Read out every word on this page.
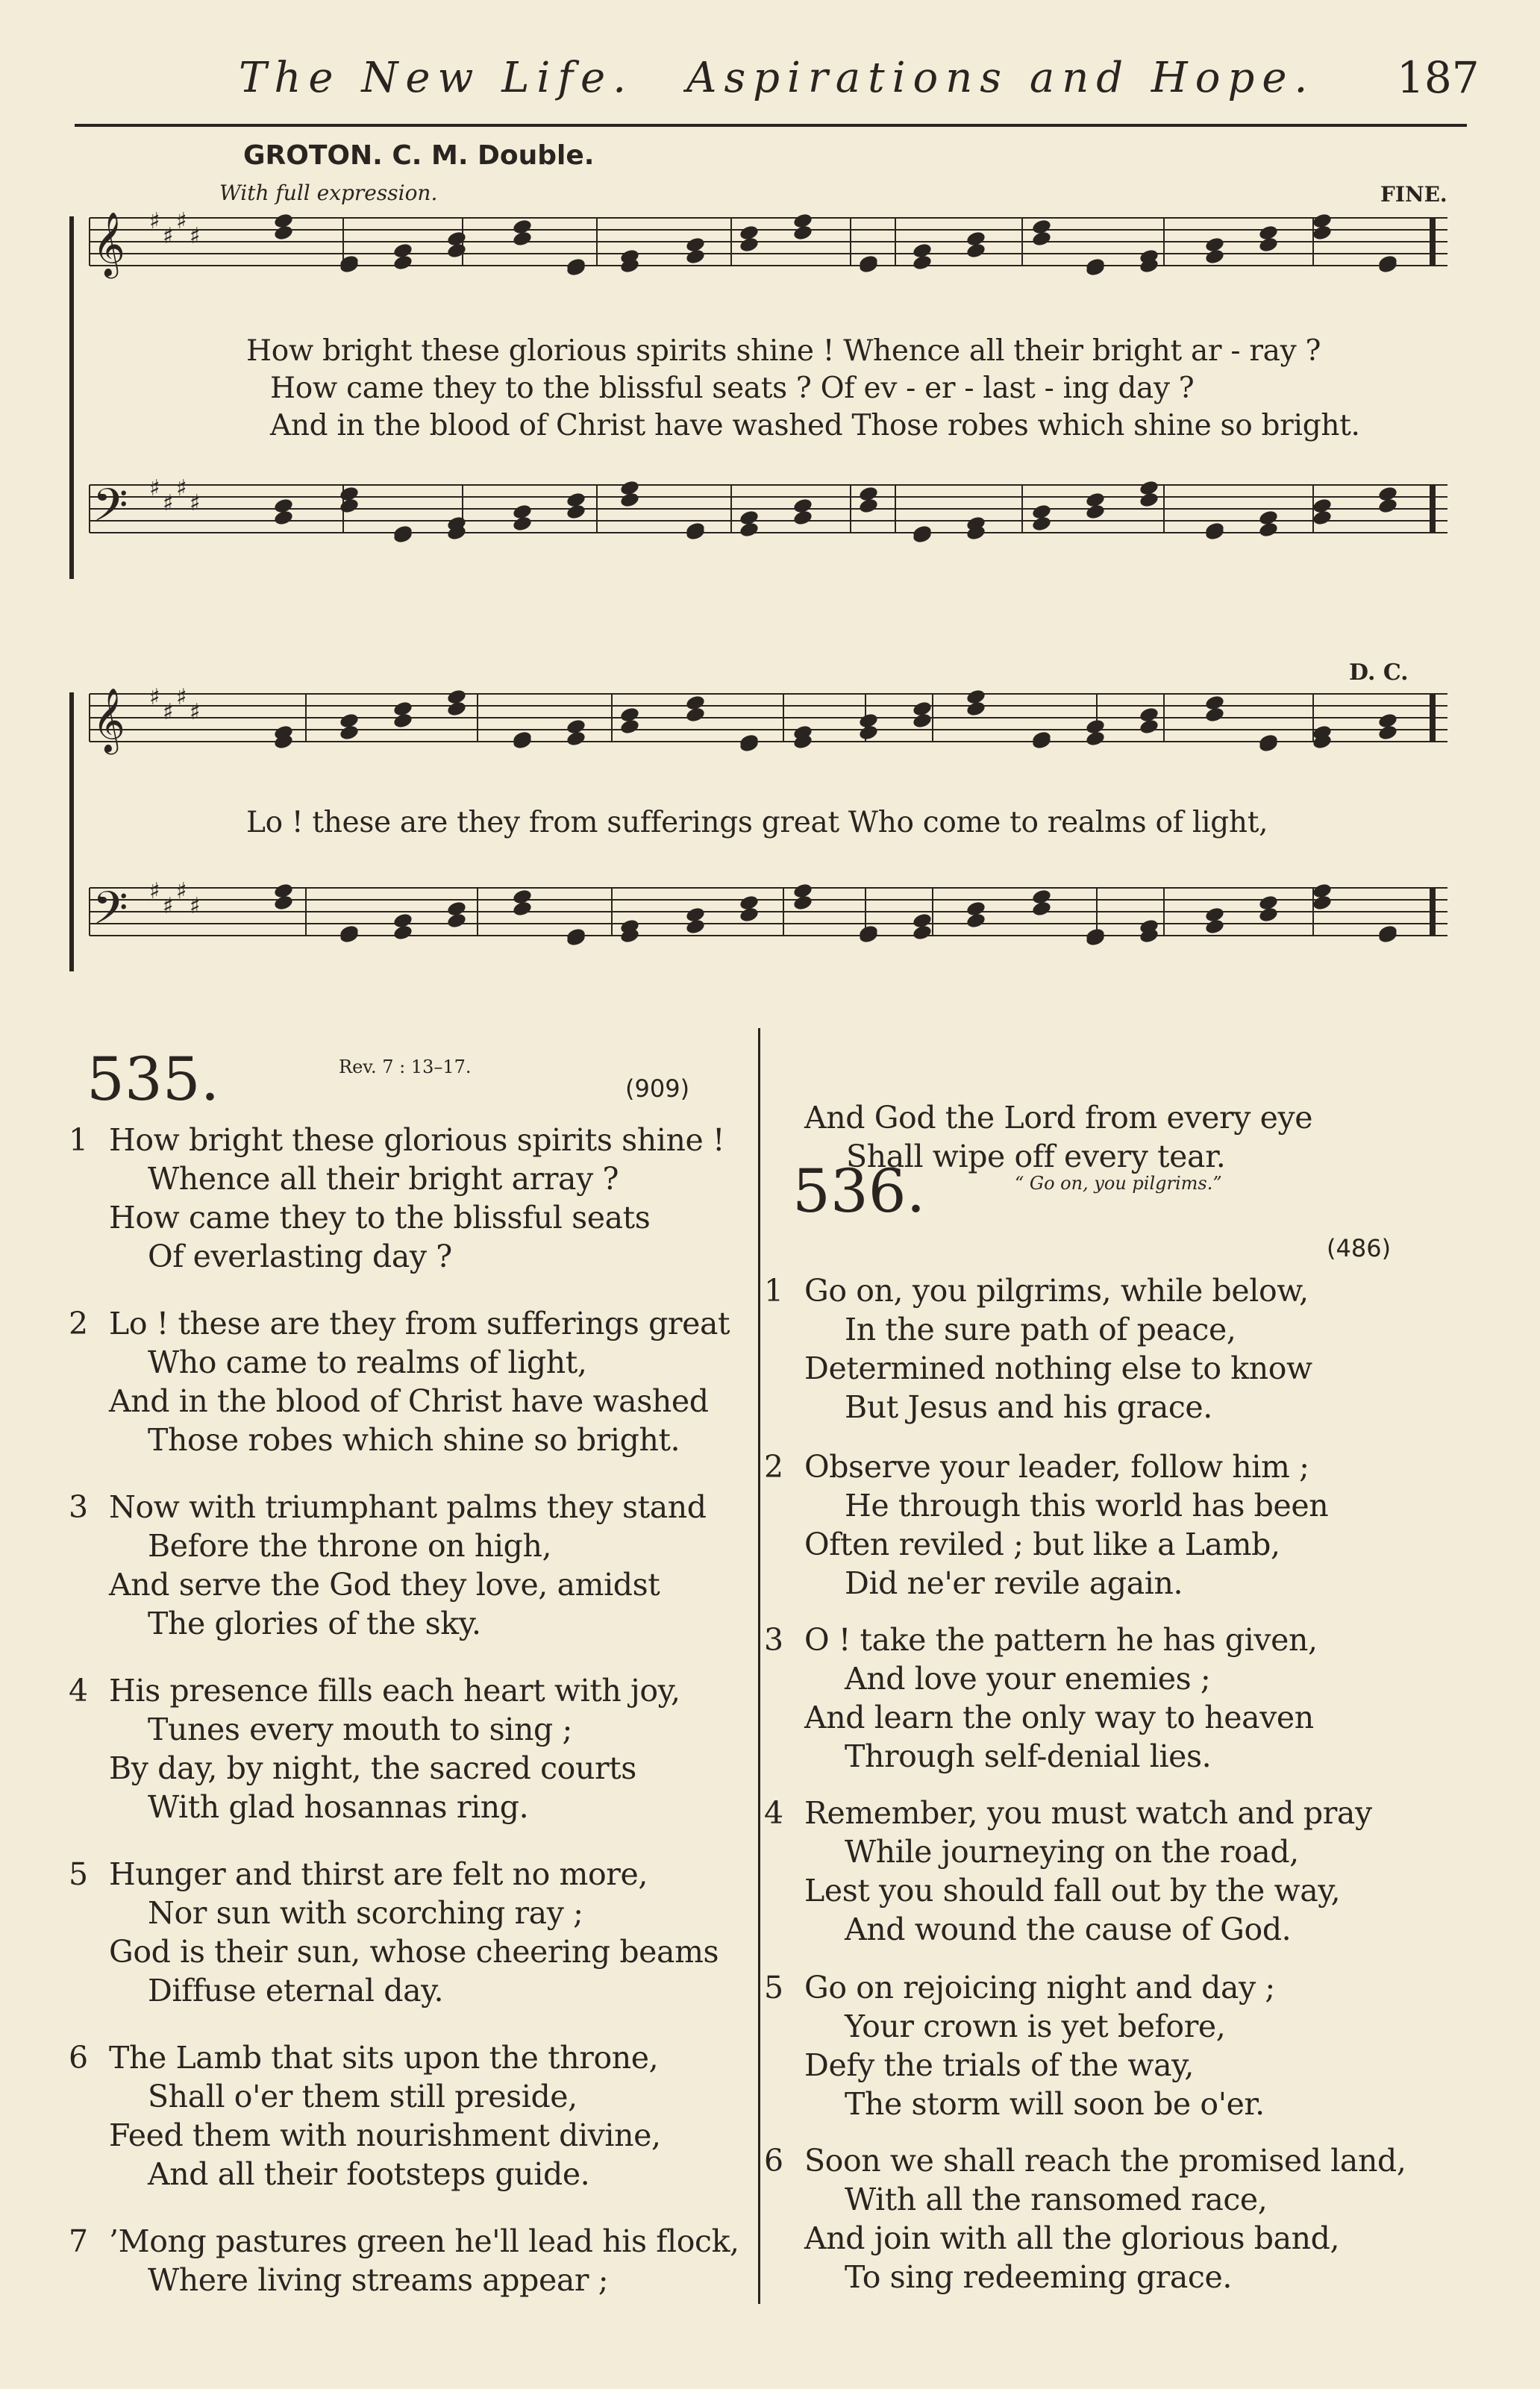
The New Life. Aspirations and Hope. 187
GROTON. C. M. Double.
With full expression.	FINE.
D. C.
𝄞 ♯
♯
♯
♯
𝄢 ♯
♯
♯
♯
𝄞 ♯
♯
♯
♯
𝄢 ♯
♯
♯
♯
How bright these glorious spirits shine ! Whence all their bright ar - ray ?
How came they to the blissful seats ? Of ev - er - last - ing day ?
And in the blood of Christ have washed Those robes which shine so bright.
Lo ! these are they from sufferings great Who come to realms of light,
535.	Rev. 7 : 13–17.
(909)
1 How bright these glorious spirits shine !
Whence all their bright array ?
How came they to the blissful seats
Of everlasting day ?
2 Lo ! these are they from sufferings great
Who came to realms of light,
And in the blood of Christ have washed
Those robes which shine so bright.
3 Now with triumphant palms they stand
Before the throne on high,
And serve the God they love, amidst
The glories of the sky.
4 His presence fills each heart with joy,
Tunes every mouth to sing ;
By day, by night, the sacred courts
With glad hosannas ring.
5 Hunger and thirst are felt no more,
Nor sun with scorching ray ;
God is their sun, whose cheering beams
Diffuse eternal day.
6 The Lamb that sits upon the throne,
Shall o'er them still preside,
Feed them with nourishment divine,
And all their footsteps guide.
7 ’Mong pastures green he'll lead his flock,
Where living streams appear ;
And God the Lord from every eye
Shall wipe off every tear.
536.	“ Go on, you pilgrims.”
(486)
1 Go on, you pilgrims, while below,
In the sure path of peace,
Determined nothing else to know
But Jesus and his grace.
2 Observe your leader, follow him ;
He through this world has been
Often reviled ; but like a Lamb,
Did ne'er revile again.
3 O ! take the pattern he has given,
And love your enemies ;
And learn the only way to heaven
Through self-denial lies.
4 Remember, you must watch and pray
While journeying on the road,
Lest you should fall out by the way,
And wound the cause of God.
5 Go on rejoicing night and day ;
Your crown is yet before,
Defy the trials of the way,
The storm will soon be o'er.
6 Soon we shall reach the promised land,
With all the ransomed race,
And join with all the glorious band,
To sing redeeming grace.
